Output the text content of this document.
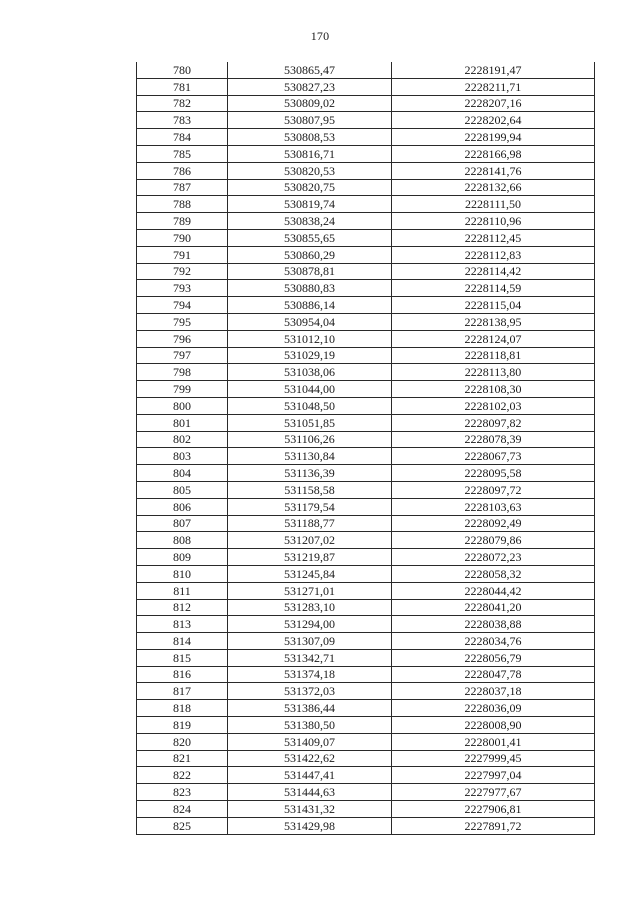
170
780	530865,47	2228191,47
781	530827,23	2228211,71
782	530809,02	2228207,16
783	530807,95	2228202,64
784	530808,53	2228199,94
785	530816,71	2228166,98
786	530820,53	2228141,76
787	530820,75	2228132,66
788	530819,74	2228111,50
789	530838,24	2228110,96
790	530855,65	2228112,45
791	530860,29	2228112,83
792	530878,81	2228114,42
793	530880,83	2228114,59
794	530886,14	2228115,04
795	530954,04	2228138,95
796	531012,10	2228124,07
797	531029,19	2228118,81
798	531038,06	2228113,80
799	531044,00	2228108,30
800	531048,50	2228102,03
801	531051,85	2228097,82
802	531106,26	2228078,39
803	531130,84	2228067,73
804	531136,39	2228095,58
805	531158,58	2228097,72
806	531179,54	2228103,63
807	531188,77	2228092,49
808	531207,02	2228079,86
809	531219,87	2228072,23
810	531245,84	2228058,32
811	531271,01	2228044,42
812	531283,10	2228041,20
813	531294,00	2228038,88
814	531307,09	2228034,76
815	531342,71	2228056,79
816	531374,18	2228047,78
817	531372,03	2228037,18
818	531386,44	2228036,09
819	531380,50	2228008,90
820	531409,07	2228001,41
821	531422,62	2227999,45
822	531447,41	2227997,04
823	531444,63	2227977,67
824	531431,32	2227906,81
825	531429,98	2227891,72
